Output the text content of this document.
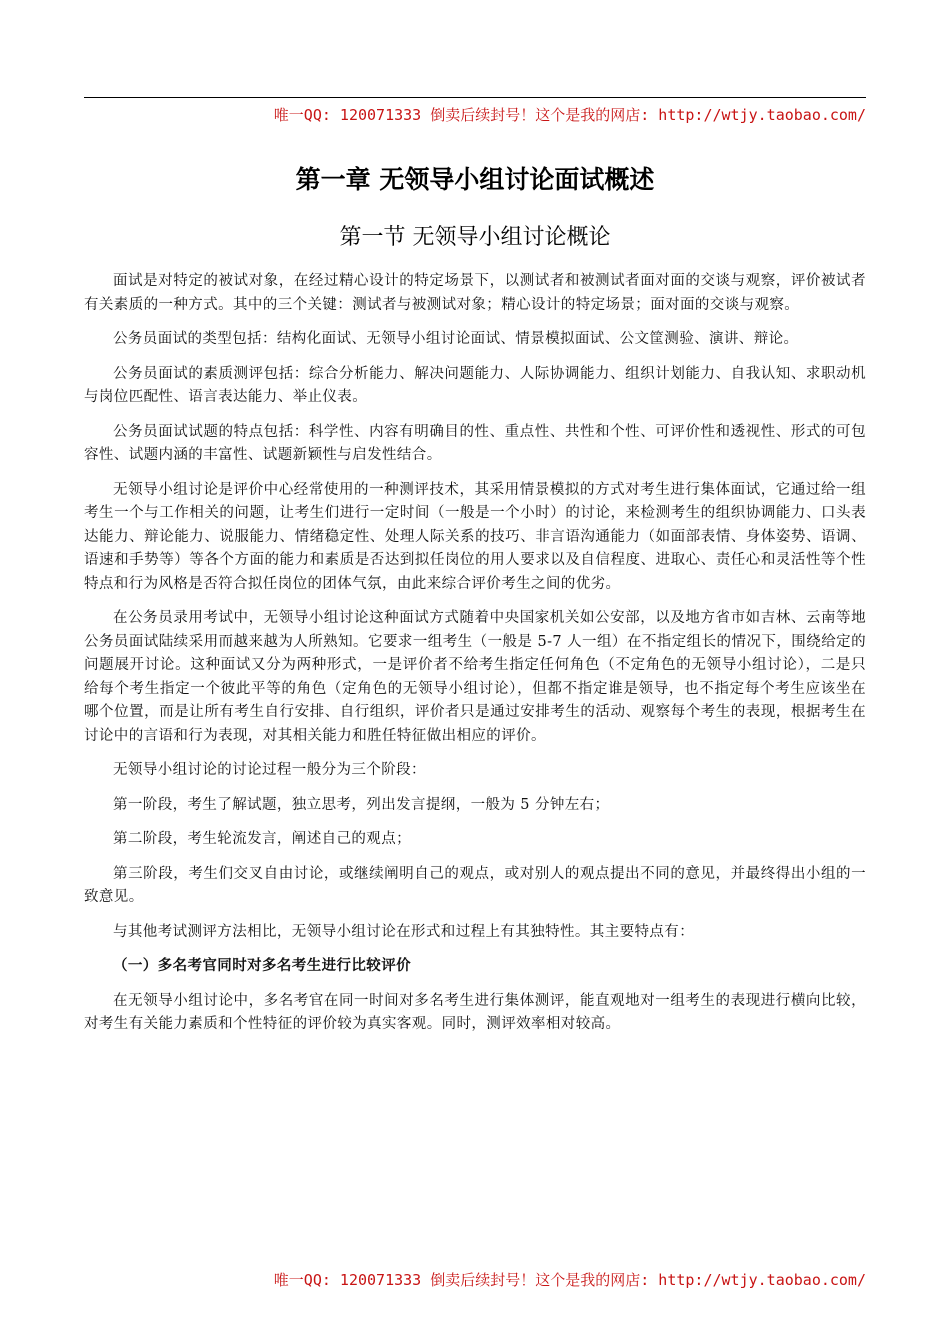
唯一QQ: 120071333 倒卖后续封号！这个是我的网店: http://wtjy.taobao.com/
第一章 无领导小组讨论面试概述
第一节 无领导小组讨论概论

面试是对特定的被试对象，在经过精心设计的特定场景下，以测试者和被测试者面对面的交谈与观察，评价被试者有关素质的一种方式。其中的三个关键：测试者与被测试对象；精心设计的特定场景；面对面的交谈与观察。

公务员面试的类型包括：结构化面试、无领导小组讨论面试、情景模拟面试、公文筐测验、演讲、辩论。

公务员面试的素质测评包括：综合分析能力、解决问题能力、人际协调能力、组织计划能力、自我认知、求职动机与岗位匹配性、语言表达能力、举止仪表。

公务员面试试题的特点包括：科学性、内容有明确目的性、重点性、共性和个性、可评价性和透视性、形式的可包容性、试题内涵的丰富性、试题新颖性与启发性结合。

无领导小组讨论是评价中心经常使用的一种测评技术，其采用情景模拟的方式对考生进行集体面试，它通过给一组考生一个与工作相关的问题，让考生们进行一定时间（一般是一个小时）的讨论，来检测考生的组织协调能力、口头表达能力、辩论能力、说服能力、情绪稳定性、处理人际关系的技巧、非言语沟通能力（如面部表情、身体姿势、语调、语速和手势等）等各个方面的能力和素质是否达到拟任岗位的用人要求以及自信程度、进取心、责任心和灵活性等个性特点和行为风格是否符合拟任岗位的团体气氛，由此来综合评价考生之间的优劣。

在公务员录用考试中，无领导小组讨论这种面试方式随着中央国家机关如公安部，以及地方省市如吉林、云南等地公务员面试陆续采用而越来越为人所熟知。它要求一组考生（一般是 5-7 人一组）在不指定组长的情况下，围绕给定的问题展开讨论。这种面试又分为两种形式，一是评价者不给考生指定任何角色（不定角色的无领导小组讨论），二是只给每个考生指定一个彼此平等的角色（定角色的无领导小组讨论），但都不指定谁是领导，也不指定每个考生应该坐在哪个位置，而是让所有考生自行安排、自行组织，评价者只是通过安排考生的活动、观察每个考生的表现，根据考生在讨论中的言语和行为表现，对其相关能力和胜任特征做出相应的评价。

无领导小组讨论的讨论过程一般分为三个阶段：

第一阶段，考生了解试题，独立思考，列出发言提纲，一般为 5 分钟左右；

第二阶段，考生轮流发言，阐述自己的观点；

第三阶段，考生们交叉自由讨论，或继续阐明自己的观点，或对别人的观点提出不同的意见，并最终得出小组的一致意见。

与其他考试测评方法相比，无领导小组讨论在形式和过程上有其独特性。其主要特点有：

（一）多名考官同时对多名考生进行比较评价

在无领导小组讨论中，多名考官在同一时间对多名考生进行集体测评，能直观地对一组考生的表现进行横向比较，对考生有关能力素质和个性特征的评价较为真实客观。同时，测评效率相对较高。

唯一QQ: 120071333 倒卖后续封号！这个是我的网店: http://wtjy.taobao.com/
